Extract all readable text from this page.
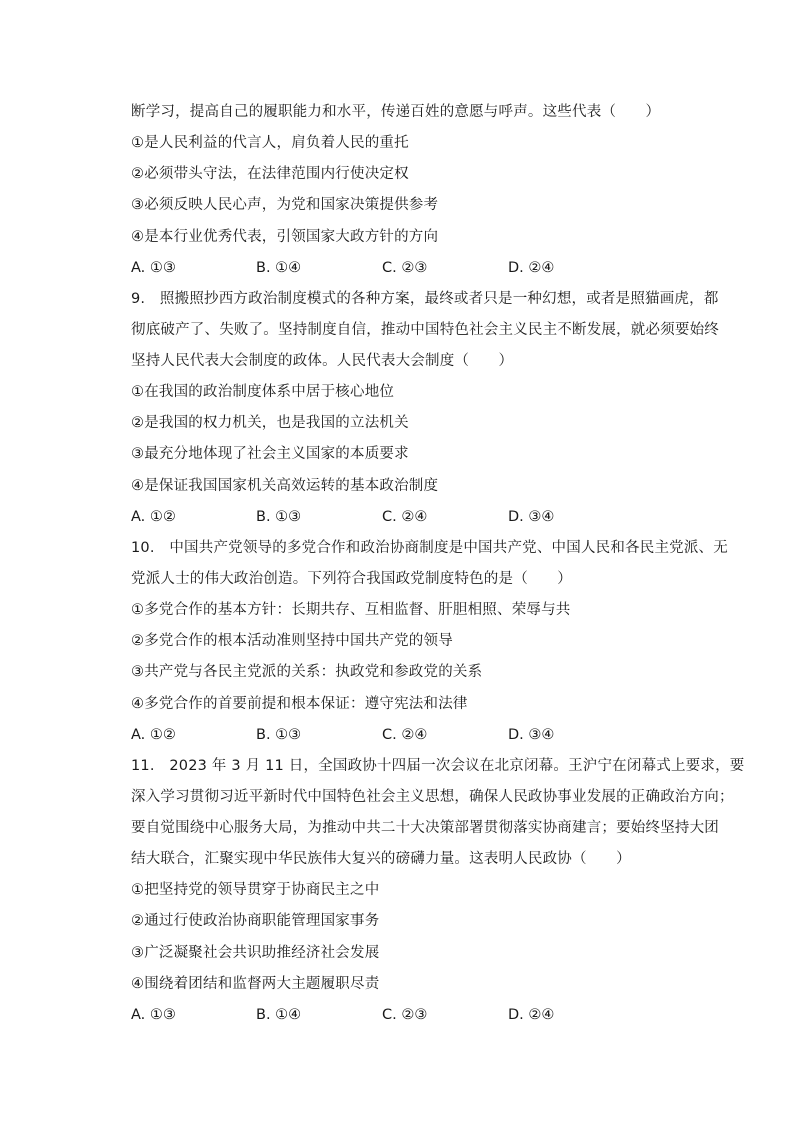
断学习，提高自己的履职能力和水平，传递百姓的意愿与呼声。这些代表（　　）
①是人民利益的代言人，肩负着人民的重托
②必须带头守法，在法律范围内行使决定权
③必须反映人民心声，为党和国家决策提供参考
④是本行业优秀代表，引领国家大政方针的方向
A. ①③	B. ①④	C. ②③	D. ②④
9.　照搬照抄西方政治制度模式的各种方案，最终或者只是一种幻想，或者是照猫画虎，都
彻底破产了、失败了。坚持制度自信，推动中国特色社会主义民主不断发展，就必须要始终
坚持人民代表大会制度的政体。人民代表大会制度（　　）
①在我国的政治制度体系中居于核心地位
②是我国的权力机关，也是我国的立法机关
③最充分地体现了社会主义国家的本质要求
④是保证我国国家机关高效运转的基本政治制度
A. ①②	B. ①③	C. ②④	D. ③④
10.　中国共产党领导的多党合作和政治协商制度是中国共产党、中国人民和各民主党派、无
党派人士的伟大政治创造。下列符合我国政党制度特色的是（　　）
①多党合作的基本方针：长期共存、互相监督、肝胆相照、荣辱与共
②多党合作的根本活动准则坚持中国共产党的领导
③共产党与各民主党派的关系：执政党和参政党的关系
④多党合作的首要前提和根本保证：遵守宪法和法律
A. ①②	B. ①③	C. ②④	D. ③④
11.　2023 年 3 月 11 日，全国政协十四届一次会议在北京闭幕。王沪宁在闭幕式上要求，要
深入学习贯彻习近平新时代中国特色社会主义思想，确保人民政协事业发展的正确政治方向；
要自觉围绕中心服务大局，为推动中共二十大决策部署贯彻落实协商建言；要始终坚持大团
结大联合，汇聚实现中华民族伟大复兴的磅礴力量。这表明人民政协（　　）
①把坚持党的领导贯穿于协商民主之中
②通过行使政治协商职能管理国家事务
③广泛凝聚社会共识助推经济社会发展
④围绕着团结和监督两大主题履职尽责
A. ①③	B. ①④	C. ②③	D. ②④
